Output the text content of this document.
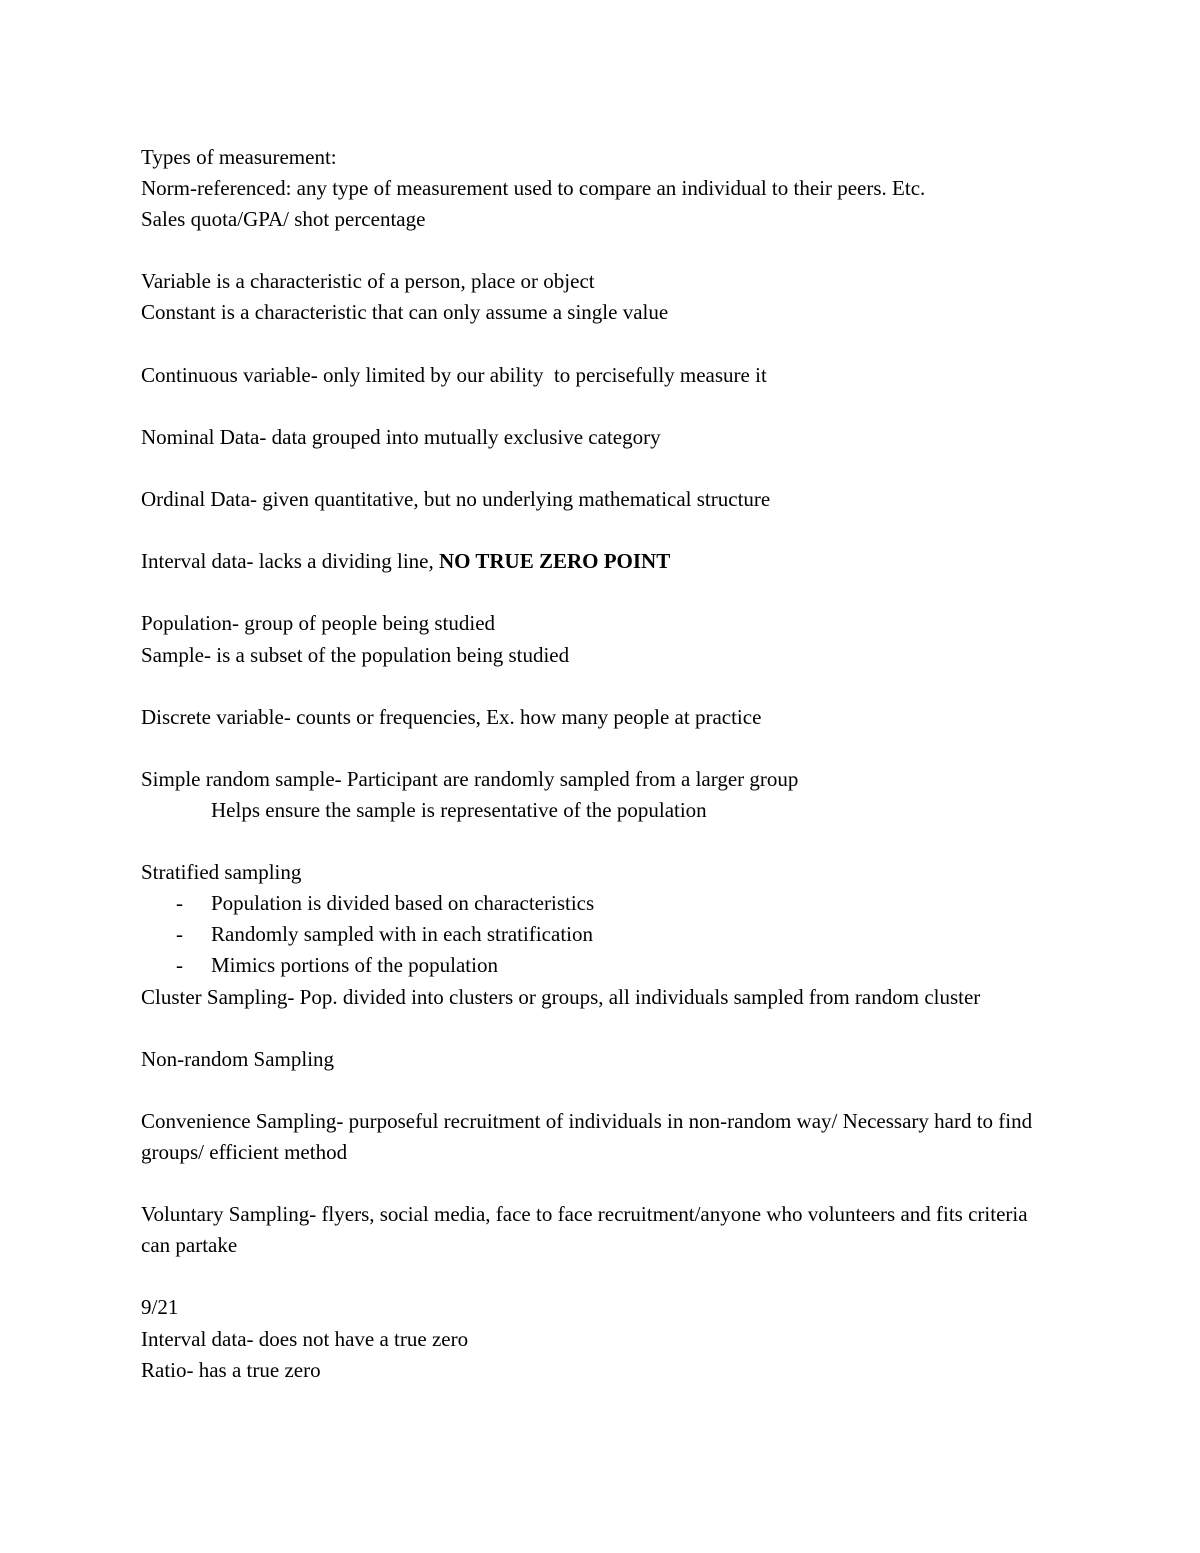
Types of measurement:

Norm-referenced: any type of measurement used to compare an individual to their peers. Etc.

Sales quota/GPA/ shot percentage

Variable is a characteristic of a person, place or object

Constant is a characteristic that can only assume a single value

Continuous variable- only limited by our ability  to percisefully measure it

Nominal Data- data grouped into mutually exclusive category

Ordinal Data- given quantitative, but no underlying mathematical structure

Interval data- lacks a dividing line, NO TRUE ZERO POINT

Population- group of people being studied

Sample- is a subset of the population being studied

Discrete variable- counts or frequencies, Ex. how many people at practice

Simple random sample- Participant are randomly sampled from a larger group

Helps ensure the sample is representative of the population

Stratified sampling

- Population is divided based on characteristics
- Randomly sampled with in each stratification
- Mimics portions of the population

Cluster Sampling- Pop. divided into clusters or groups, all individuals sampled from random cluster

Non-random Sampling

Convenience Sampling- purposeful recruitment of individuals in non-random way/ Necessary hard to find groups/ efficient method

Voluntary Sampling- flyers, social media, face to face recruitment/anyone who volunteers and fits criteria can partake

9/21

Interval data- does not have a true zero

Ratio- has a true zero
